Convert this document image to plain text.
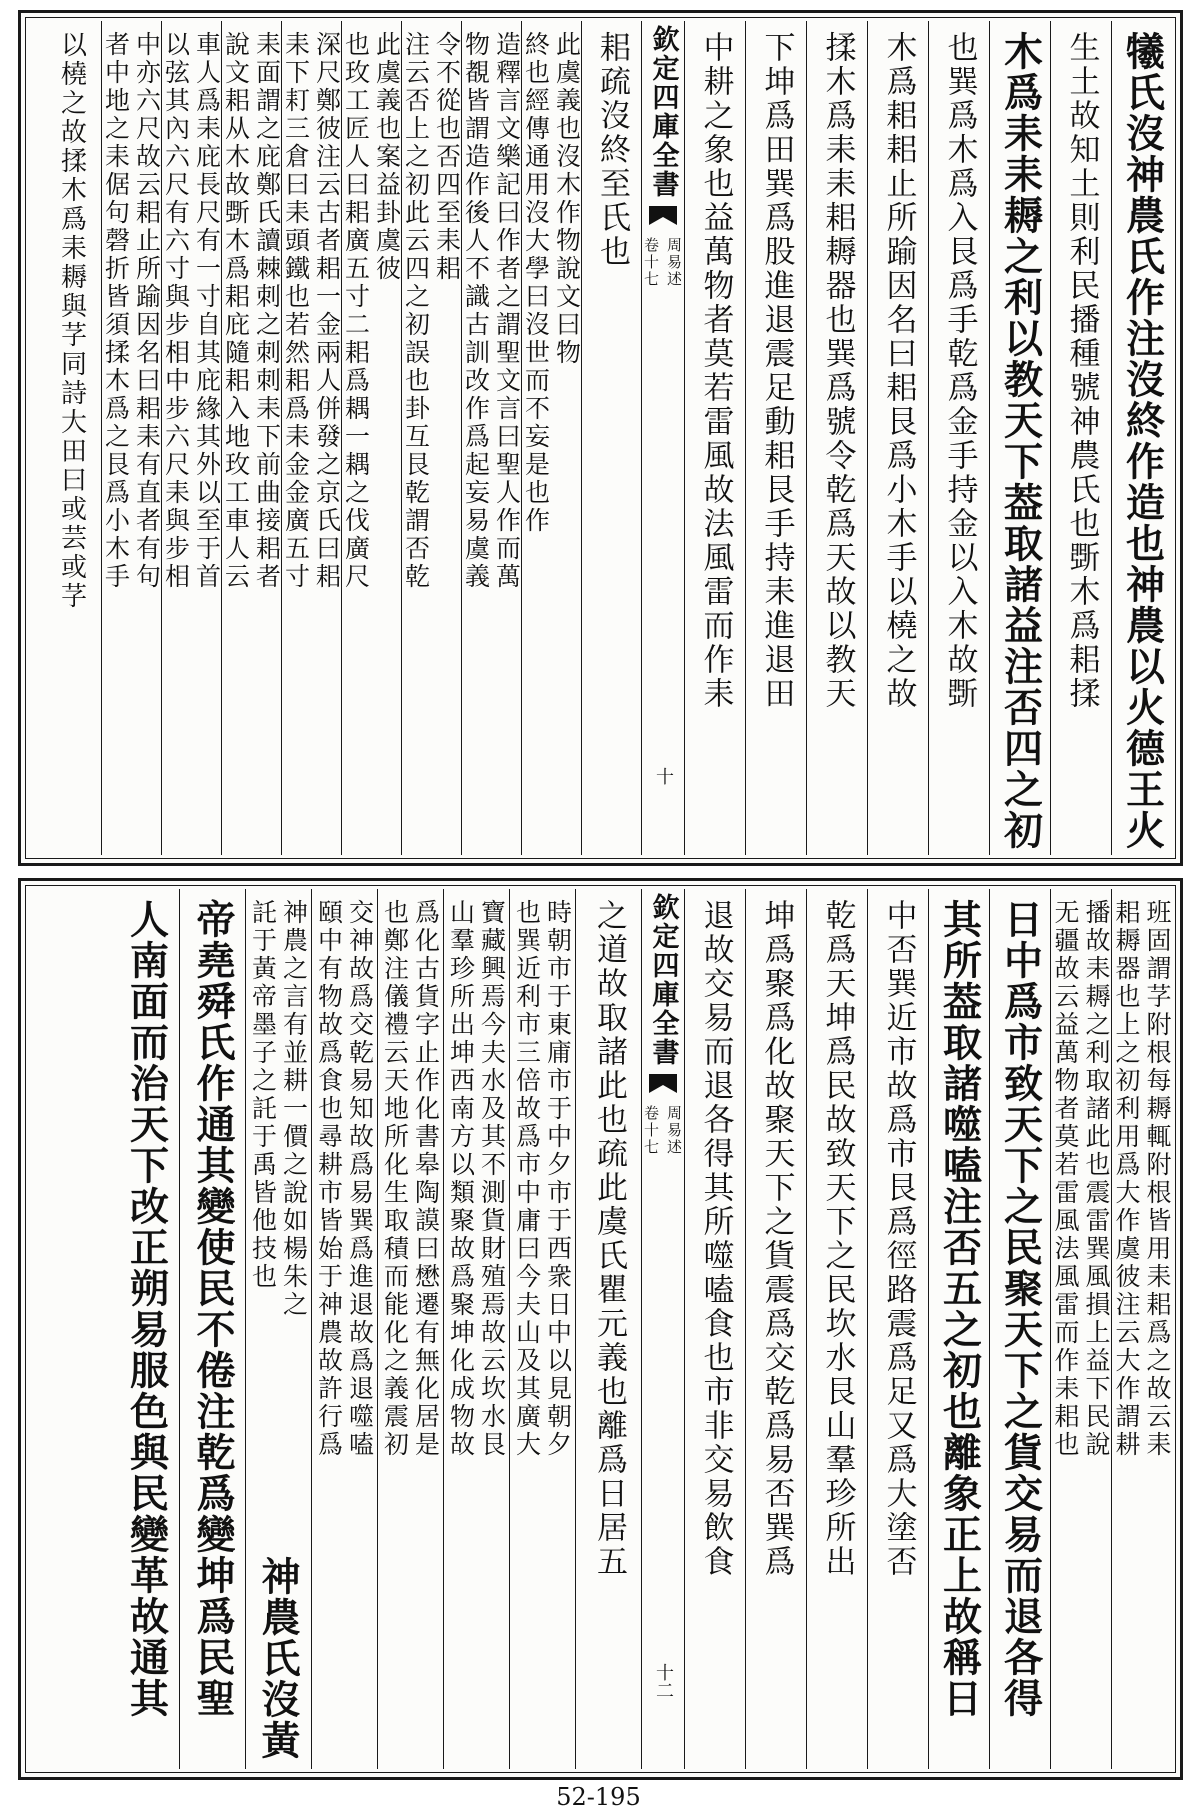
犧氏沒神農氏作注沒終作造也神農以火德王火
生土故知土則利民播種號神農氏也斲木爲耜揉
木爲耒耒耨之利以教天下葢取諸益注否四之初
也巽爲木爲入艮爲手乾爲金手持金以入木故斲
木爲耜耜止所踰因名曰耜艮爲小木手以橈之故
揉木爲耒耒耜耨器也巽爲號令乾爲天故以教天
下坤爲田巽爲股進退震足動耜艮手持耒進退田
中耕之象也益萬物者莫若雷風故法風雷而作耒
欽定四庫全書
周易述
卷十七
十
耜疏沒終至氏也
此虞義也沒木作物說文曰物
終也經傳通用沒大學曰沒世而不妄是也作
造釋言文樂記曰作者之謂聖文言曰聖人作而萬
物覩皆謂造作後人不識古訓改作爲起妄易虞義
令不從也否四至耒耜
注云否上之初此云四之初誤也卦互艮乾謂否乾
此虞義也案益卦虞彼
也玫工匠人曰耜廣五寸二耜爲耦一耦之伐廣尺
深尺鄭彼注云古者耜一金兩人併發之京氏曰耜
耒下耓三倉曰耒頭鐵也若然耜爲耒金金廣五寸
耒面謂之庇鄭氏讀棘刺之刺刺耒下前曲接耜者
說文耜从木故斲木爲耜庇隨耜入地玫工車人云
車人爲耒庇長尺有一寸自其庇緣其外以至于首
以弦其內六尺有六寸與步相中步六尺耒與步相
中亦六尺故云耜止所踰因名曰耜耒有直者有句
者中地之耒倨句磬折皆須揉木爲之艮爲小木手
以橈之故揉木爲耒耨與芓同詩大田曰或芸或芓
班固謂芓附根每耨輒附根皆用耒耜爲之故云耒
耜耨器也上之初利用爲大作虞彼注云大作謂耕
播故耒耨之利取諸此也震雷巽風損上益下民說
无疆故云益萬物者莫若雷風法風雷而作耒耜也
日中爲市致天下之民聚天下之貨交易而退各得
其所葢取諸噬嗑注否五之初也離象正上故稱日
中否巽近市故爲市艮爲徑路震爲足又爲大塗否
乾爲天坤爲民故致天下之民坎水艮山羣珍所出
坤爲聚爲化故聚天下之貨震爲交乾爲易否巽爲
退故交易而退各得其所噬嗑食也市非交易飲食
欽定四庫全書
周易述
卷十七
十二
之道故取諸此也疏此虞氏瞿元義也離爲日居五
時朝市于東庯市于中夕市于西衆日中以見朝夕
也巽近利市三倍故爲市中庸曰今夫山及其廣大
寶藏興焉今夫水及其不測貨財殖焉故云坎水艮
山羣珍所出坤西南方以類聚故爲聚坤化成物故
爲化古貨字止作化書皋陶謨曰懋遷有無化居是
也鄭注儀禮云天地所化生取積而能化之義震初
交神故爲交乾易知故爲易巽爲進退故爲退噬嗑
頤中有物故爲食也尋耕市皆始于神農故許行爲
神農之言有並耕一價之說如楊朱之
託于黃帝墨子之託于禹皆他技也
神農氏沒黃
帝堯舜氏作通其變使民不倦注乾爲變坤爲民聖
人南面而治天下改正朔易服色與民變革故通其
52-195
